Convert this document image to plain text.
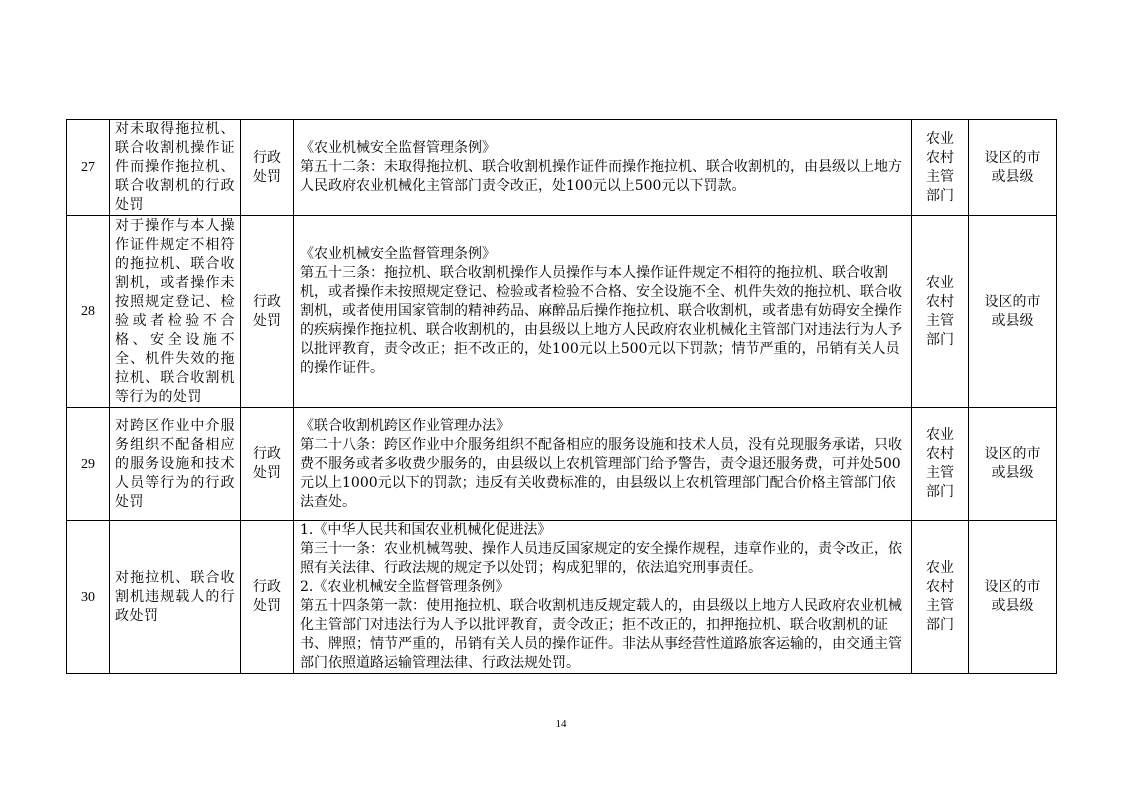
27	对未取得拖拉机、联合收割机操作证件而操作拖拉机、联合收割机的行政处罚	行政处罚	《农业机械安全监督管理条例》
第五十二条：未取得拖拉机、联合收割机操作证件而操作拖拉机、联合收割机的，由县级以上地方人民政府农业机械化主管部门责令改正，处100元以上500元以下罚款。	农业农村主管部门	设区的市或县级

28	对于操作与本人操作证件规定不相符的拖拉机、联合收割机，或者操作未按照规定登记、检验或者检验不合格、安全设施不全、机件失效的拖拉机、联合收割机等行为的处罚	行政处罚	《农业机械安全监督管理条例》
第五十三条：拖拉机、联合收割机操作人员操作与本人操作证件规定不相符的拖拉机、联合收割机，或者操作未按照规定登记、检验或者检验不合格、安全设施不全、机件失效的拖拉机、联合收割机，或者使用国家管制的精神药品、麻醉品后操作拖拉机、联合收割机，或者患有妨碍安全操作的疾病操作拖拉机、联合收割机的，由县级以上地方人民政府农业机械化主管部门对违法行为人予以批评教育，责令改正；拒不改正的，处100元以上500元以下罚款；情节严重的，吊销有关人员的操作证件。	农业农村主管部门	设区的市或县级

29	对跨区作业中介服务组织不配备相应的服务设施和技术人员等行为的行政处罚	行政处罚	《联合收割机跨区作业管理办法》
第二十八条：跨区作业中介服务组织不配备相应的服务设施和技术人员，没有兑现服务承诺，只收费不服务或者多收费少服务的，由县级以上农机管理部门给予警告，责令退还服务费，可并处500元以上1000元以下的罚款；违反有关收费标准的，由县级以上农机管理部门配合价格主管部门依法查处。	农业农村主管部门	设区的市或县级

30	对拖拉机、联合收割机违规载人的行政处罚	行政处罚	1.《中华人民共和国农业机械化促进法》
第三十一条：农业机械驾驶、操作人员违反国家规定的安全操作规程，违章作业的，责令改正，依照有关法律、行政法规的规定予以处罚；构成犯罪的，依法追究刑事责任。
2.《农业机械安全监督管理条例》
第五十四条第一款：使用拖拉机、联合收割机违反规定载人的，由县级以上地方人民政府农业机械化主管部门对违法行为人予以批评教育，责令改正；拒不改正的，扣押拖拉机、联合收割机的证书、牌照；情节严重的，吊销有关人员的操作证件。非法从事经营性道路旅客运输的，由交通主管部门依照道路运输管理法律、行政法规处罚。	农业农村主管部门	设区的市或县级
14
